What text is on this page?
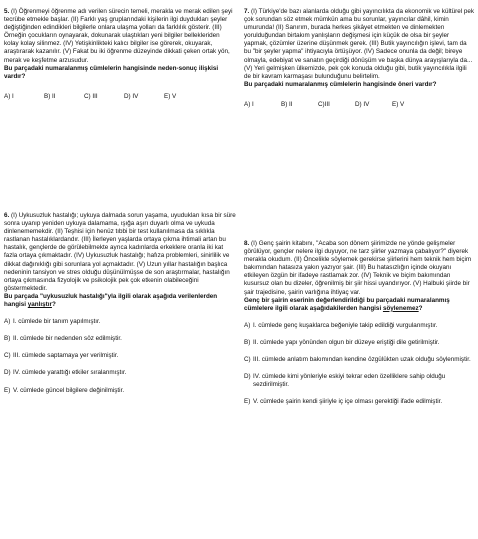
5. (I) Öğrenmeyi öğrenme adı verilen sürecin temeli, merakla ve merak edilen şeyi tecrübe etmekle başlar. (II) Farklı yaş gruplarındaki kişilerin ilgi duydukları şeyler değiştiğinden edindikleri bilgilerle onlara ulaşma yolları da farklılık gösterir. (III) Örneğin çocukların oynayarak, dokunarak ulaştıkları yeni bilgiler bellekleriden kolay kolay silinmez. (IV) Yetişkinlikteki kalıcı bilgiler ise görerek, okuyarak, araştırarak kazanılır. (V) Fakat bu iki öğrenme düzeyinde dikkati çeken ortak yön, merak ve keşfetme arzusudur.

Bu parçadaki numaralanmış cümlelerin hangisinde neden-sonuç ilişkisi vardır?

A) I	B) II	C) III	D) IV	E) V

7. (I) Türkiye'de bazı alanlarda olduğu gibi yayıncılıkta da ekonomik ve kültürel pek çok sorundan söz etmek mümkün ama bu sorunlar, yayıncılar dâhil, kimin umurunda! (II) Sanırım, burada herkes şikâyet etmekten ve dinlemekten yorulduğundan birtakım yanlışların değişmesi için küçük de olsa bir şeyler yapmak, çözümler üzerine düşünmek gerek. (III) Butik yayıncılığın işlevi, tam da bu "bir şeyler yapma" ihtiyacıyla örtüşüyor. (IV) Sadece onunla da değil; bireye olmayla, edebiyat ve sanatın geçirdiği dönüşüm ve başka dünya arayışlarıyla da... (V) Yeri gelmişken ülkemizde, pek çok konuda olduğu gibi, butik yayıncılıkla ilgili de bir kavram karmaşası bulunduğunu belirtelim.

Bu parçadaki numaralanmış cümlelerin hangisinde öneri vardır?

A) I	B) II	C)III	D) IV	E) V

6. (I) Uykusuzluk hastalığı; uykuya dalmada sorun yaşama, uyudukları kısa bir süre sonra uyanıp yeniden uykuya dalamama, ışığa aşırı duyarlı olma ve uykuda dinlenememekdir. (II) Teşhisi için henüz tıbbi bir test kullanılmasa da sıklıkla rastlanan hastalıklardandır. (III) İlerleyen yaşlarda ortaya çıkma ihtimali artan bu hastalık, gençlerde de görülebilmekte ayrıca kadınlarda erkeklere oranla iki kat fazla ortaya çıkmaktadır. (IV) Uykusuzluk hastalığı; hafıza problemleri, sinirlilik ve dikkat dağınıklığı gibi sorunlara yol açmaktadır. (V) Uzun yıllar hastalığın başlıca nedeninin tansiyon ve stres olduğu düşünülmüşse de son araştırmalar, hastalığın ortaya çıkmasında fizyolojik ve psikolojik pek çok etkenin olabileceğini göstermektedir.

Bu parçada "uykusuzluk hastalığı"yla ilgili olarak aşağıda verilenlerden hangisi yanlıştır?

A) I. cümlede bir tanım yapılmıştır.
B) II. cümlede bir nedenden söz edilmiştir.
C) III. cümlede saptamaya yer verilmiştir.
D) IV. cümlede yarattığı etkiler sıralanmıştır.
E) V. cümlede güncel bilgilere değinilmiştir.

8. (I) Genç şairin kitabını, "Acaba son dönem şiirimizde ne yönde gelişmeler görülüyor, gençler nelere ilgi duyuyor, ne tarz şiirler yazmaya çabalıyor?" diyerek merakla okudum. (II) Öncelikle söylemek gerekirse şiirlerini hem teknik hem biçim bakımından hatasıza yakın yazıyor şair. (III) Bu hatasızlığın içinde okuyanı etkileyen özgün bir ifadeye rastlamak zor. (IV) Teknik ve biçim bakımından kusursuz olan bu dizeler, öğrenilmiş bir şiir hissi uyandırıyor. (V) Halbuki şiirde bir şair trajedisine, şairin varlığına ihtiyaç var.

Genç bir şairin eserinin değerlendirildiği bu parçadaki numaralanmış cümlelere ilgili olarak aşağıdakilerden hangisi söylenemez?

A) I. cümlede genç kuşaklarca beğeniyle takip edildiği vurgulanmıştır.
B) II. cümlede yapı yönünden olgun bir düzeye eriştiği dile getirilmiştir.
C) III. cümlede anlatım bakımından kendine özgülükten uzak olduğu söylenmiştir.
D) IV. cümlede kimi yönleriyle eskiyi tekrar eden özelliklere sahip olduğu sezdirilmiştir.
E) V. cümlede şairin kendi şiiriyle iç içe olması gerektiği ifade edilmiştir.
